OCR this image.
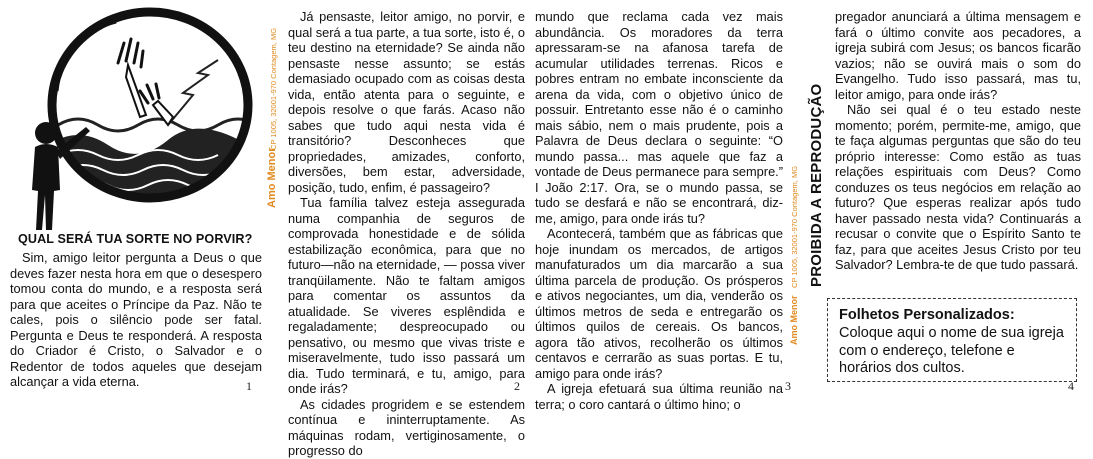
QUAL SERÁ TUA SORTE NO PORVIR?

Sim, amigo leitor pergunta a Deus o que deves fazer nesta hora em que o desespero tomou conta do mundo, e a resposta será para que aceites o Príncipe da Paz. Não te cales, pois o silêncio pode ser fatal. Pergunta e Deus te responderá. A resposta do Criador é Cristo, o Salvador e o Redentor de todos aqueles que desejam alcançar a vida eterna.	1
Amo Menor
CP 1005, 32001-970 Contagem, MG

Já pensaste, leitor amigo, no porvir, e qual será a tua parte, a tua sorte, isto é, o teu destino na eternidade? Se ainda não pensaste nesse assunto; se estás demasiado ocupado com as coisas desta vida, então atenta para o seguinte, e depois resolve o que farás. Acaso não sabes que tudo aqui nesta vida é transitório? Desconheces que propriedades, amizades, conforto, diversões, bem estar, adversidade, posição, tudo, enfim, é passageiro?

Tua família talvez esteja assegurada numa companhia de seguros de comprovada honestidade e de sólida estabilização econômica, para que no futuro—não na eternidade, — possa viver tranqüilamente. Não te faltam amigos para comentar os assuntos da atualidade. Se viveres esplêndida e regaladamente; despreocupado ou pensativo, ou mesmo que vivas triste e miseravelmente, tudo isso passará um dia. Tudo terminará, e tu, amigo, para onde irás?

As cidades progridem e se estendem contínua e ininterruptamente. As máquinas rodam, vertiginosamente, o progresso do

2

mundo que reclama cada vez mais abundância. Os moradores da terra apressaram-se na afanosa tarefa de acumular utilidades terrenas. Ricos e pobres entram no embate inconsciente da arena da vida, com o objetivo único de possuir. Entretanto esse não é o caminho mais sábio, nem o mais prudente, pois a Palavra de Deus declara o seguinte: “O mundo passa... mas aquele que faz a vontade de Deus permanece para sempre.” I João 2:17. Ora, se o mundo passa, se tudo se desfará e não se encontrará, diz-me, amigo, para onde irás tu?

Acontecerá, também que as fábricas que hoje inundam os mercados, de artigos manufaturados um dia marcarão a sua última parcela de produção. Os prósperos e ativos negociantes, um dia, venderão os últimos metros de seda e entregarão os últimos quilos de cereais. Os bancos, agora tão ativos, recolherão os últimos centavos e cerrarão as suas portas. E tu, amigo para onde irás?

A igreja efetuará sua última reunião na terra; o coro cantará o último hino; o

3
CP 1005, 32001-970 Contagem, MG
Amo Menor
PROIBIDA A REPRODUÇÃO

pregador anunciará a última mensagem e fará o último convite aos pecadores, a igreja subirá com Jesus; os bancos ficarão vazios; não se ouvirá mais o som do Evangelho. Tudo isso passará, mas tu, leitor amigo, para onde irás?

Não sei qual é o teu estado neste momento; porém, permite-me, amigo, que te faça algumas perguntas que são do teu próprio interesse: Como estão as tuas relações espirituais com Deus? Como conduzes os teus negócios em relação ao futuro? Que esperas realizar após tudo haver passado nesta vida? Continuarás a recusar o convite que o Espírito Santo te faz, para que aceites Jesus Cristo por teu Salvador? Lembra-te de que tudo passará.

Folhetos Personalizados:
Coloque aqui o nome de sua igreja com o endereço, telefone e horários dos cultos.
4
